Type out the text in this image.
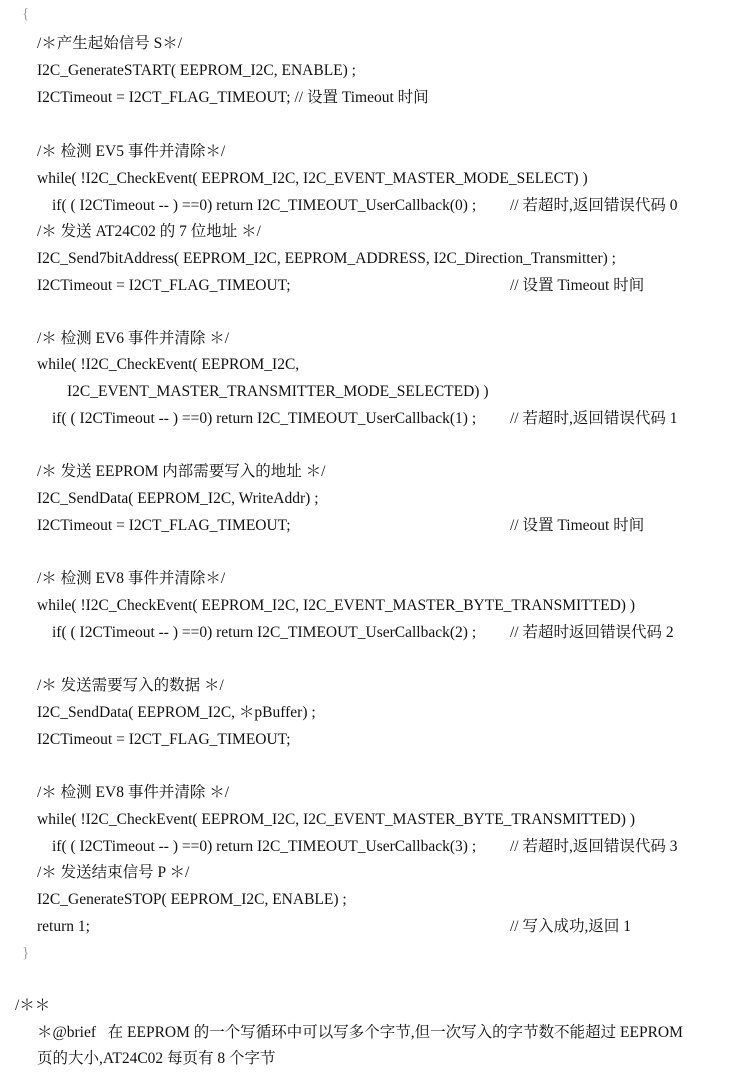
{
/＊产生起始信号 S＊/
I2C_GenerateSTART( EEPROM_I2C, ENABLE) ;
I2CTimeout = I2CT_FLAG_TIMEOUT; // 设置 Timeout 时间
/＊ 检测 EV5 事件并清除＊/
while( !I2C_CheckEvent( EEPROM_I2C, I2C_EVENT_MASTER_MODE_SELECT) )
if( ( I2CTimeout -- ) ==0) return I2C_TIMEOUT_UserCallback(0) ; // 若超时,返回错误代码 0
/＊ 发送 AT24C02 的 7 位地址 ＊/
I2C_Send7bitAddress( EEPROM_I2C, EEPROM_ADDRESS, I2C_Direction_Transmitter) ;
I2CTimeout = I2CT_FLAG_TIMEOUT;	// 设置 Timeout 时间
/＊ 检测 EV6 事件并清除 ＊/
while( !I2C_CheckEvent( EEPROM_I2C,
I2C_EVENT_MASTER_TRANSMITTER_MODE_SELECTED) )
if( ( I2CTimeout -- ) ==0) return I2C_TIMEOUT_UserCallback(1) ; // 若超时,返回错误代码 1
/＊ 发送 EEPROM 内部需要写入的地址 ＊/
I2C_SendData( EEPROM_I2C, WriteAddr) ;
I2CTimeout = I2CT_FLAG_TIMEOUT;	// 设置 Timeout 时间
/＊ 检测 EV8 事件并清除＊/
while( !I2C_CheckEvent( EEPROM_I2C, I2C_EVENT_MASTER_BYTE_TRANSMITTED) )
if( ( I2CTimeout -- ) ==0) return I2C_TIMEOUT_UserCallback(2) ; // 若超时返回错误代码 2
/＊ 发送需要写入的数据 ＊/
I2C_SendData( EEPROM_I2C, ＊pBuffer) ;
I2CTimeout = I2CT_FLAG_TIMEOUT;
/＊ 检测 EV8 事件并清除 ＊/
while( !I2C_CheckEvent( EEPROM_I2C, I2C_EVENT_MASTER_BYTE_TRANSMITTED) )
if( ( I2CTimeout -- ) ==0) return I2C_TIMEOUT_UserCallback(3) ; // 若超时,返回错误代码 3
/＊ 发送结束信号 P ＊/
I2C_GenerateSTOP( EEPROM_I2C, ENABLE) ;
return 1;	// 写入成功,返回 1
}
/＊＊
＊@brief   在 EEPROM 的一个写循环中可以写多个字节,但一次写入的字节数不能超过 EEPROM
页的大小,AT24C02 每页有 8 个字节
